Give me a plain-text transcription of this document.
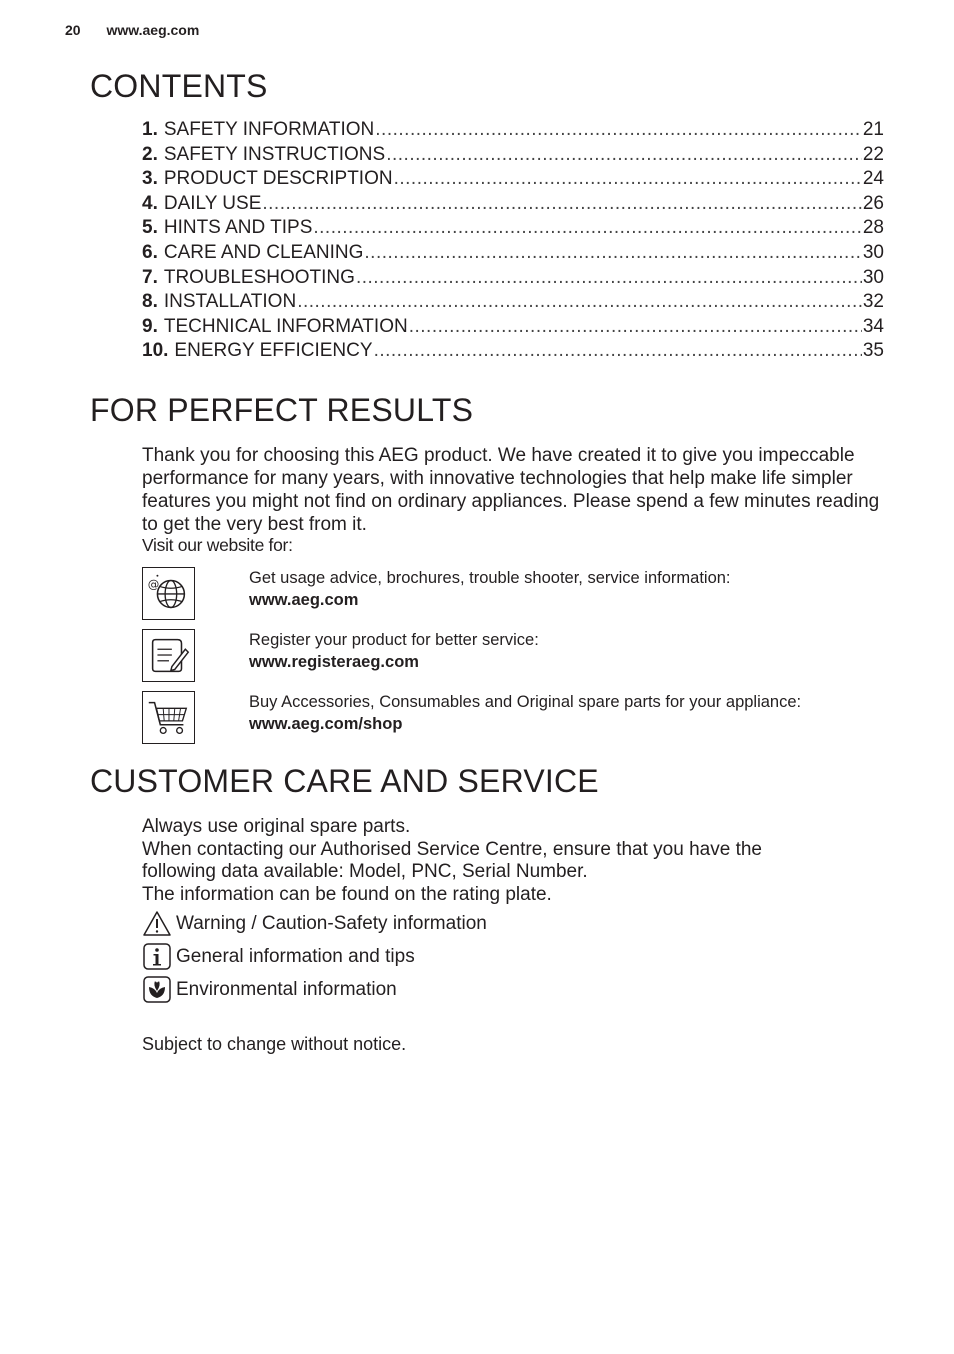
20 www.aeg.com
CONTENTS
1. SAFETY INFORMATION .....	21
2. SAFETY INSTRUCTIONS .....	22
3. PRODUCT DESCRIPTION .....	24
4. DAILY USE .....	26
5. HINTS AND TIPS .....	28
6. CARE AND CLEANING .....	30
7. TROUBLESHOOTING .....	30
8. INSTALLATION .....	32
9. TECHNICAL INFORMATION .....	34
10. ENERGY EFFICIENCY .....	35
FOR PERFECT RESULTS

Thank you for choosing this AEG product. We have created it to give you impeccable performance for many years, with innovative technologies that help make life simpler features you might not find on ordinary appliances. Please spend a few minutes reading to get the very best from it.

Visit our website for:
@	Get usage advice, brochures, trouble shooter, service information:
www.aeg.com
Register your product for better service:
www.registeraeg.com
Buy Accessories, Consumables and Original spare parts for your appliance:
www.aeg.com/shop
CUSTOMER CARE AND SERVICE
Always use original spare parts.
When contacting our Authorised Service Centre, ensure that you have the
following data available: Model, PNC, Serial Number.
The information can be found on the rating plate.
Warning / Caution-Safety information
General information and tips
Environmental information
Subject to change without notice.
